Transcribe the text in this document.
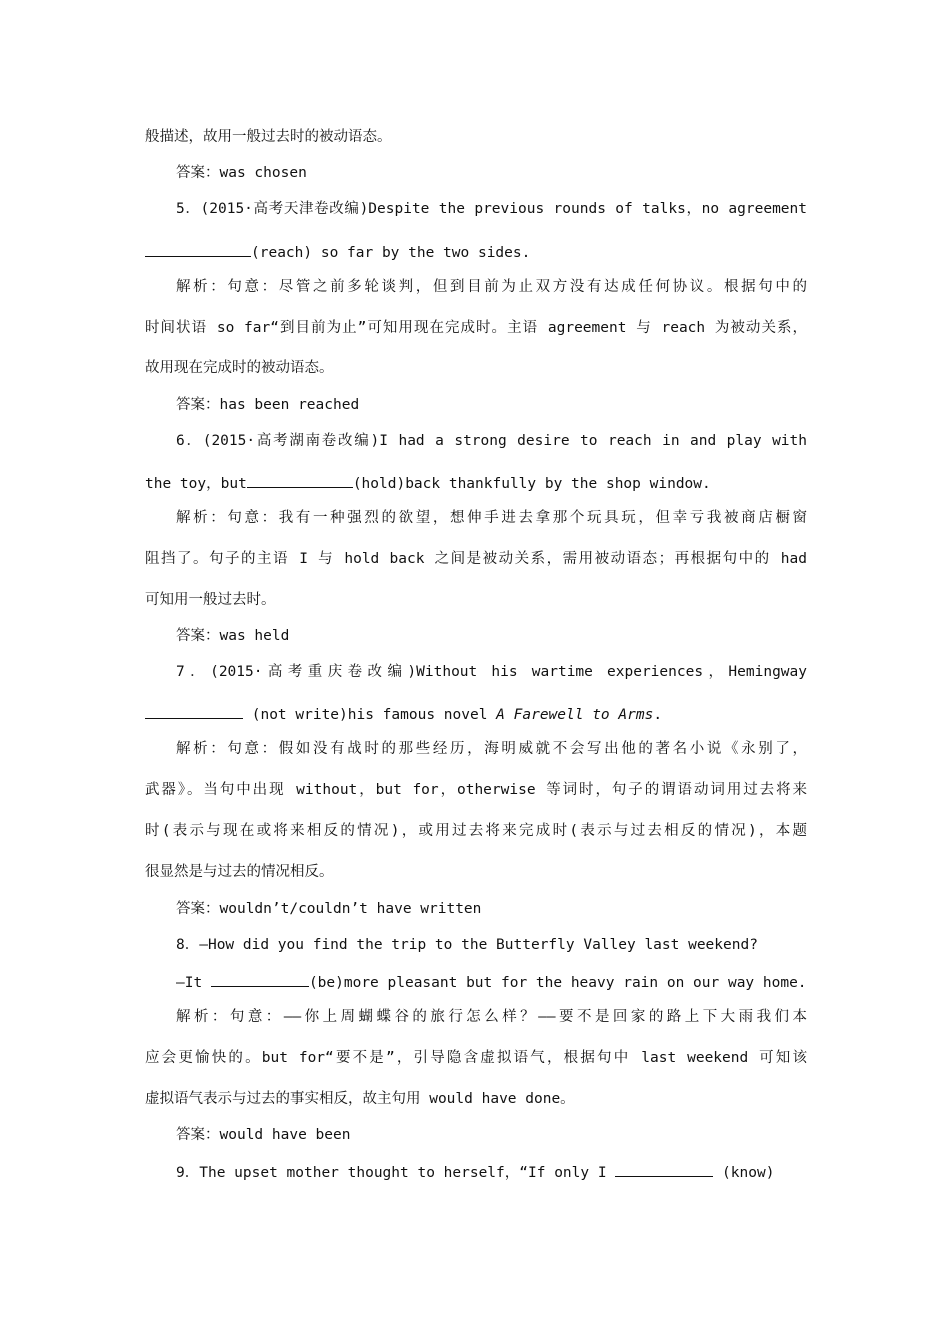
般描述，故用一般过去时的被动语态。
答案：was chosen
5．(2015·高考天津卷改编)Despite the previous rounds of talks，no agreement
(reach) so far by the two sides.
解析：句意：尽管之前多轮谈判，但到目前为止双方没有达成任何协议。根据句中的
时间状语 so far“到目前为止”可知用现在完成时。主语 agreement 与 reach 为被动关系，
故用现在完成时的被动语态。
答案：has been reached
6．(2015·高考湖南卷改编)I had a strong desire to reach in and play with
the toy，but	(hold)back thankfully by the shop window.
解析：句意：我有一种强烈的欲望，想伸手进去拿那个玩具玩，但幸亏我被商店橱窗
阻挡了。句子的主语 I 与 hold back 之间是被动关系，需用被动语态；再根据句中的 had
可知用一般过去时。
答案：was held
7．(2015·高考重庆卷改编)Without his wartime experiences，Hemingway
(not write)his famous novel A Farewell to Arms.
解析：句意：假如没有战时的那些经历，海明威就不会写出他的著名小说《永别了，
武器》。当句中出现 without，but for，otherwise 等词时，句子的谓语动词用过去将来
时(表示与现在或将来相反的情况)，或用过去将来完成时(表示与过去相反的情况)，本题
很显然是与过去的情况相反。
答案：wouldn’t/couldn’t have written
8．—How did you find the trip to the Butterfly Valley last weekend?
—It	(be)more pleasant but for the heavy rain on our way home.
解析：句意：——你上周蝴蝶谷的旅行怎么样？——要不是回家的路上下大雨我们本
应会更愉快的。but for“要不是”，引导隐含虚拟语气，根据句中 last weekend 可知该
虚拟语气表示与过去的事实相反，故主句用 would have done。
答案：would have been
9．The upset mother thought to herself，“If only I	(know)
